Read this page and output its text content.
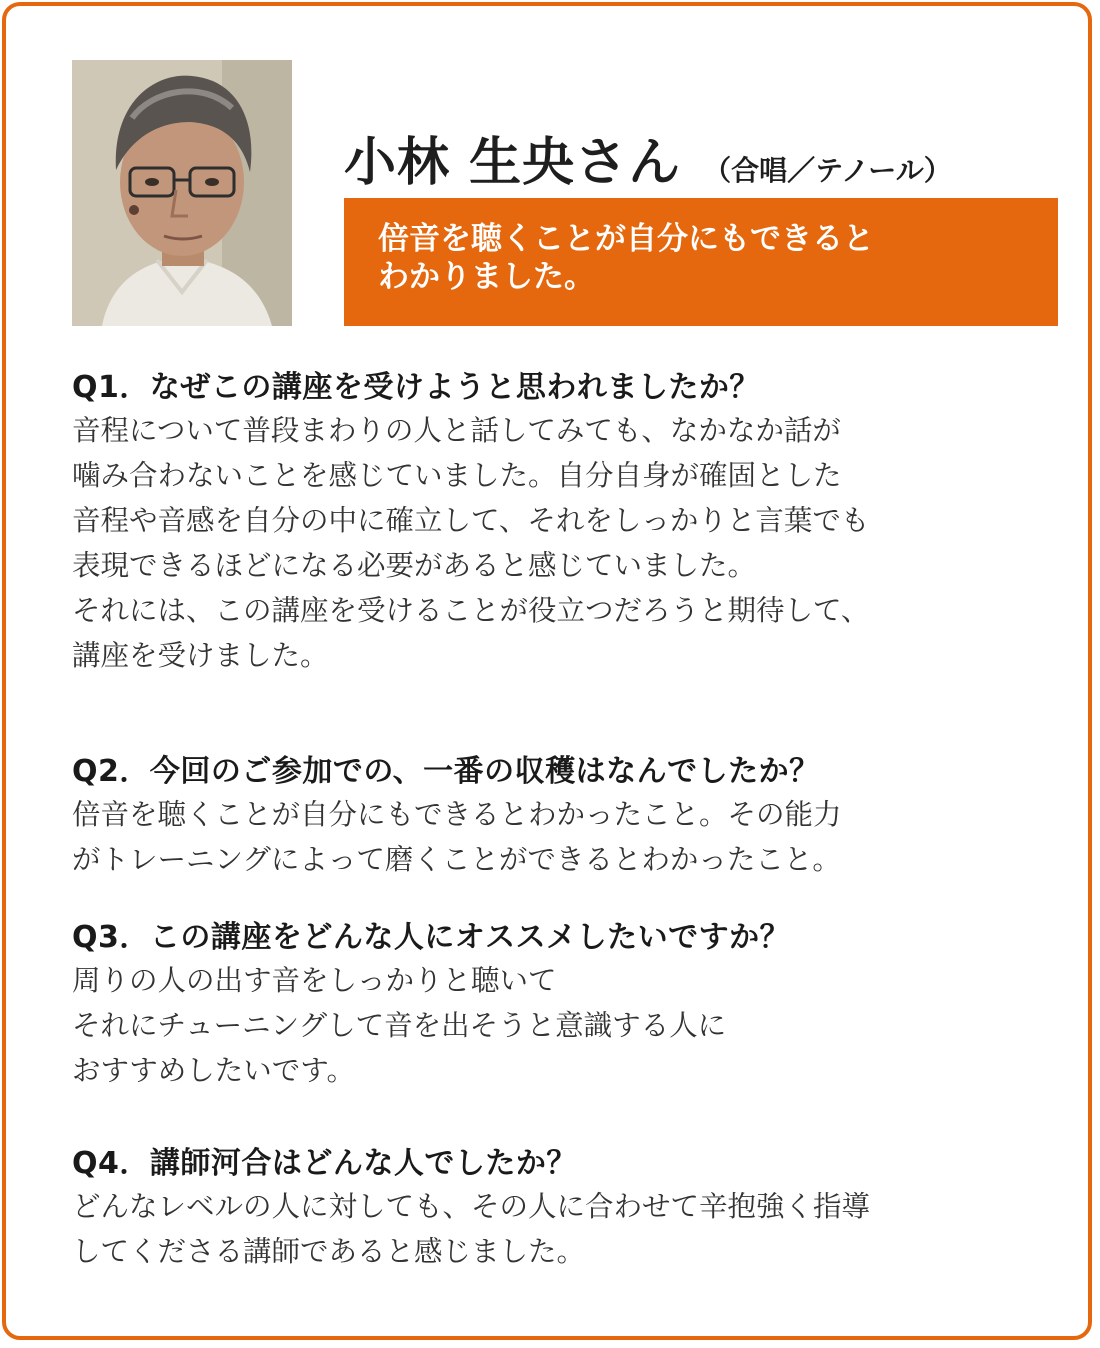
小林 生央さん （合唱／テノール）
倍音を聴くことが自分にもできると
わかりました。
Q1．なぜこの講座を受けようと思われましたか？
音程について普段まわりの人と話してみても、なかなか話が
噛み合わないことを感じていました。自分自身が確固とした
音程や音感を自分の中に確立して、それをしっかりと言葉でも
表現できるほどになる必要があると感じていました。
それには、この講座を受けることが役立つだろうと期待して、
講座を受けました。
Q2．今回のご参加での、一番の収穫はなんでしたか？
倍音を聴くことが自分にもできるとわかったこと。その能力
がトレーニングによって磨くことができるとわかったこと。
Q3．この講座をどんな人にオススメしたいですか？
周りの人の出す音をしっかりと聴いて
それにチューニングして音を出そうと意識する人に
おすすめしたいです。
Q4．講師河合はどんな人でしたか？
どんなレベルの人に対しても、その人に合わせて辛抱強く指導
してくださる講師であると感じました。
